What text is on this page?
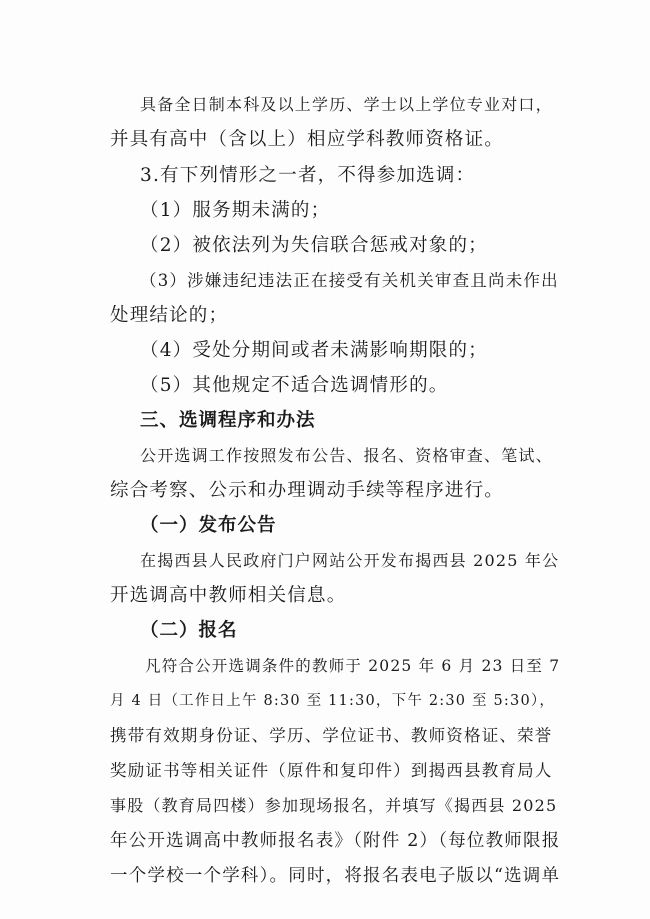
具备全日制本科及以上学历、学士以上学位专业对口，
并具有高中（含以上）相应学科教师资格证。
3.有下列情形之一者，不得参加选调：
（1）服务期未满的；
（2）被依法列为失信联合惩戒对象的；
（3）涉嫌违纪违法正在接受有关机关审查且尚未作出
处理结论的；
（4）受处分期间或者未满影响期限的；
（5）其他规定不适合选调情形的。
三、选调程序和办法
公开选调工作按照发布公告、报名、资格审查、笔试、
综合考察、公示和办理调动手续等程序进行。
（一）发布公告
在揭西县人民政府门户网站公开发布揭西县 2025 年公
开选调高中教师相关信息。
（二）报名
凡符合公开选调条件的教师于 2025 年 6 月 23 日至 7
月 4 日（工作日上午 8:30 至 11:30，下午 2:30 至 5:30），
携带有效期身份证、学历、学位证书、教师资格证、荣誉
奖励证书等相关证件（原件和复印件）到揭西县教育局人
事股（教育局四楼）参加现场报名，并填写《揭西县 2025
年公开选调高中教师报名表》（附件 2）（每位教师限报
一个学校一个学科）。同时，将报名表电子版以“选调单
